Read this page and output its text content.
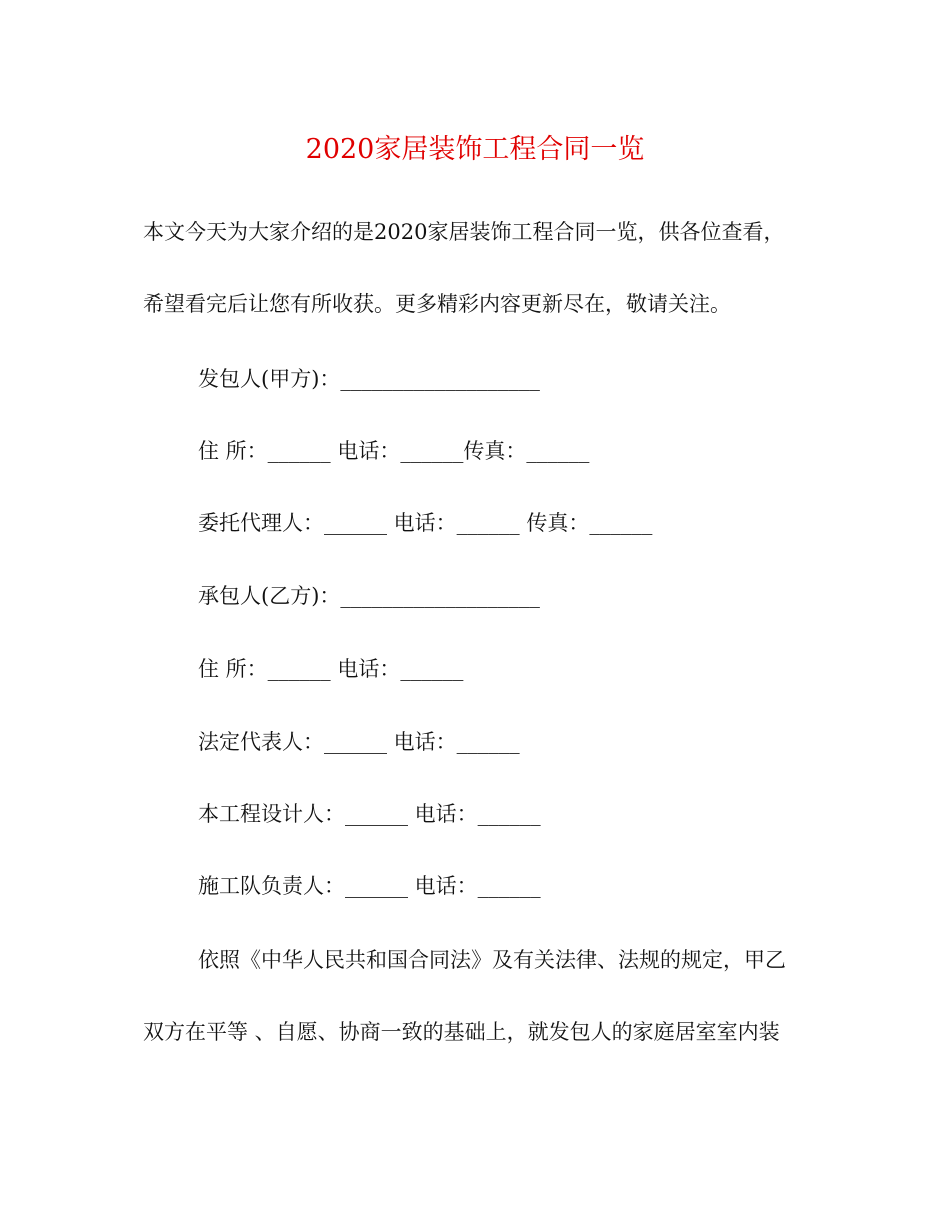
2020家居装饰工程合同一览
本文今天为大家介绍的是2020家居装饰工程合同一览，供各位查看，
希望看完后让您有所收获。更多精彩内容更新尽在，敬请关注。
发包人(甲方)：___________________
住 所：______ 电话：______传真：______
委托代理人：______ 电话：______ 传真：______
承包人(乙方)：___________________
住 所：______ 电话：______
法定代表人：______ 电话：______
本工程设计人：______ 电话：______
施工队负责人：______ 电话：______
依照《中华人民共和国合同法》及有关法律、法规的规定，甲乙
双方在平等 、自愿、协商一致的基础上，就发包人的家庭居室室内装
